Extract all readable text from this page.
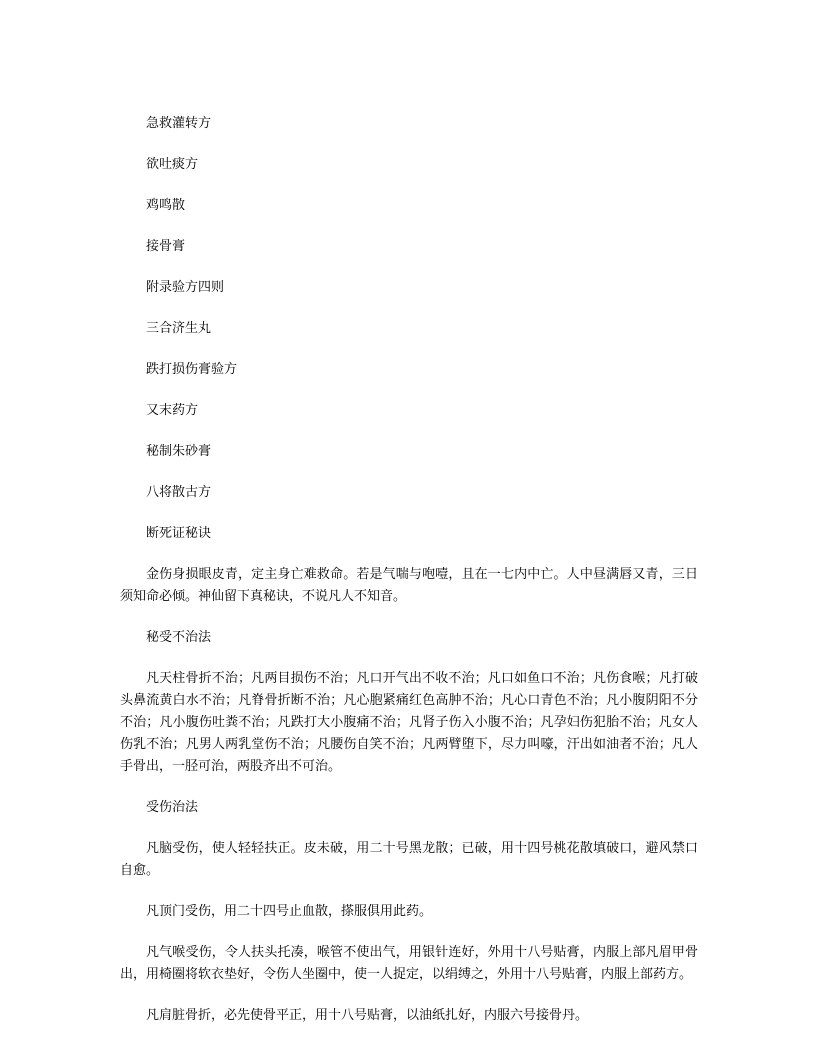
急救灌转方

欲吐痰方

鸡鸣散

接骨膏

附录验方四则

三合济生丸

跌打损伤膏验方

又末药方

秘制朱砂膏

八将散古方

断死证秘诀

金伤身损眼皮青，定主身亡难救命。若是气喘与咆噎，且在一七内中亡。人中昼满唇又青，三日须知命必倾。神仙留下真秘诀，不说凡人不知音。

秘受不治法

凡天柱骨折不治；凡两目损伤不治；凡口开气出不收不治；凡口如鱼口不治；凡伤食喉；凡打破头鼻流黄白水不治；凡脊骨折断不治；凡心胞紧痛红色高肿不治；凡心口青色不治；凡小腹阴阳不分不治；凡小腹伤吐粪不治；凡跌打大小腹痛不治；凡肾子伤入小腹不治；凡孕妇伤犯胎不治；凡女人伤乳不治；凡男人两乳堂伤不治；凡腰伤自笑不治；凡两臂堕下，尽力叫嚎，汗出如油者不治；凡人手骨出，一胫可治，两股齐出不可治。

受伤治法

凡脑受伤，使人轻轻扶正。皮未破，用二十号黑龙散；已破，用十四号桃花散填破口，避风禁口自愈。

凡顶门受伤，用二十四号止血散，搽服俱用此药。

凡气喉受伤，令人扶头托凑，喉管不使出气，用银针连好，外用十八号贴膏，内服上部凡眉甲骨出，用椅圈将软衣垫好，令伤人坐圈中，使一人捉定，以绢缚之，外用十八号贴膏，内服上部药方。

凡肩脏骨折，必先使骨平正，用十八号贴膏，以油纸扎好，内服六号接骨丹。
